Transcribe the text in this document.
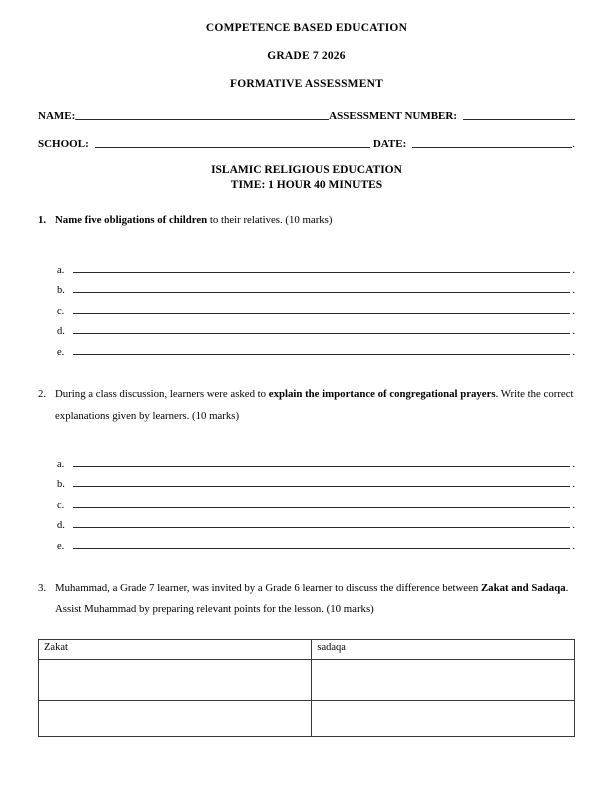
COMPETENCE BASED EDUCATION
GRADE 7 2026
FORMATIVE ASSESSMENT
NAME:	ASSESSMENT NUMBER:
SCHOOL:	DATE:	.
ISLAMIC RELIGIOUS EDUCATION
TIME: 1 HOUR 40 MINUTES
1. Name five obligations of children to their relatives. (10 marks)
a.	.
b.	.
c.	.
d.	.
e.	.
2. During a class discussion, learners were asked to explain the importance of congregational prayers. Write the correct explanations given by learners. (10 marks)
a.	.
b.	.
c.	.
d.	.
e.	.
3. Muhammad, a Grade 7 learner, was invited by a Grade 6 learner to discuss the difference between Zakat and Sadaqa. Assist Muhammad by preparing relevant points for the lesson. (10 marks)
Zakat	sadaqa
